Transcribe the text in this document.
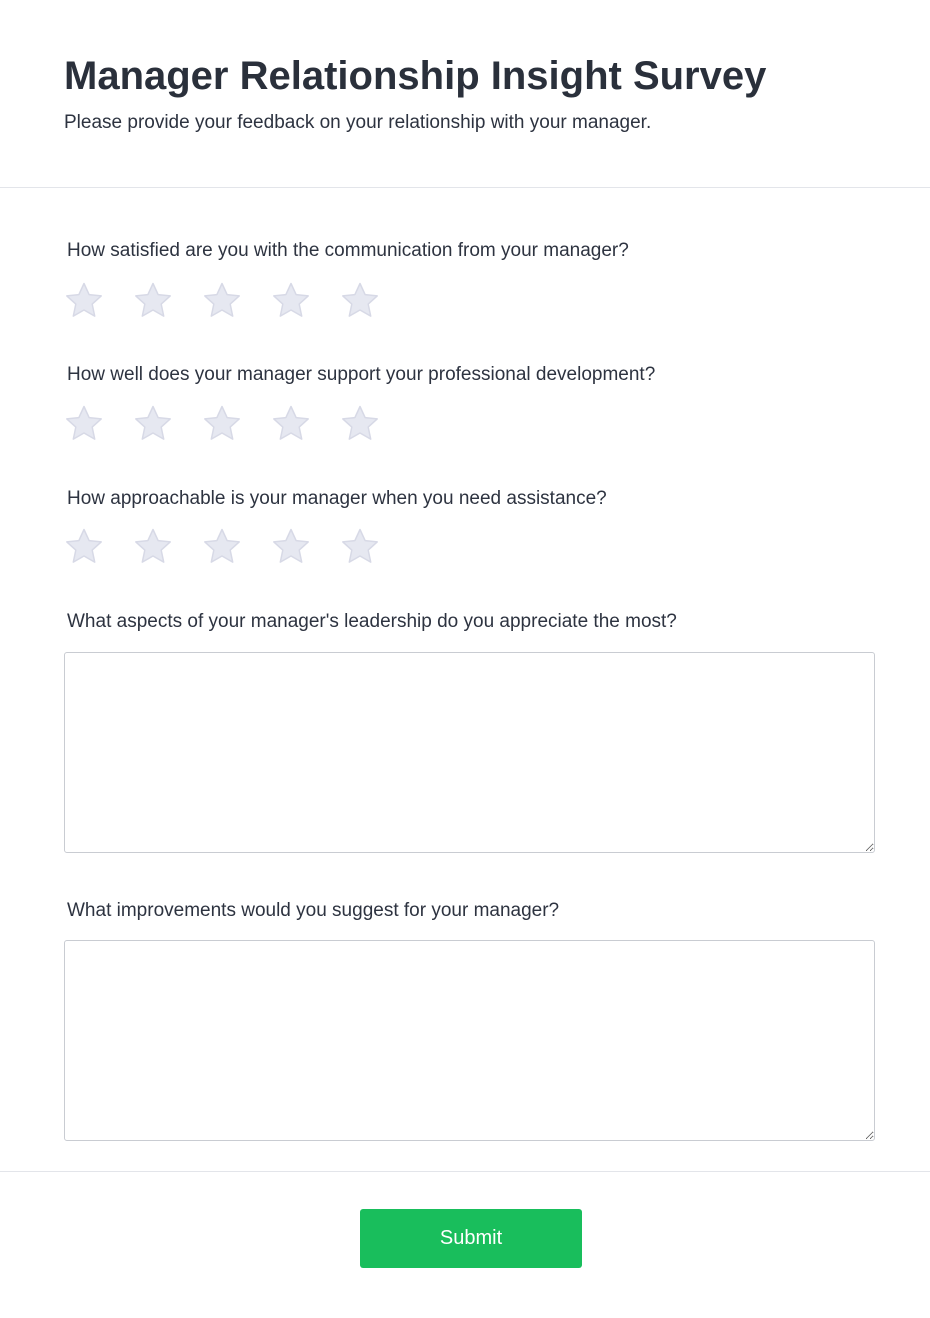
Manager Relationship Insight Survey

Please provide your feedback on your relationship with your manager.

How satisfied are you with the communication from your manager?

How well does your manager support your professional development?

How approachable is your manager when you need assistance?

What aspects of your manager's leadership do you appreciate the most?

What improvements would you suggest for your manager?

Submit
